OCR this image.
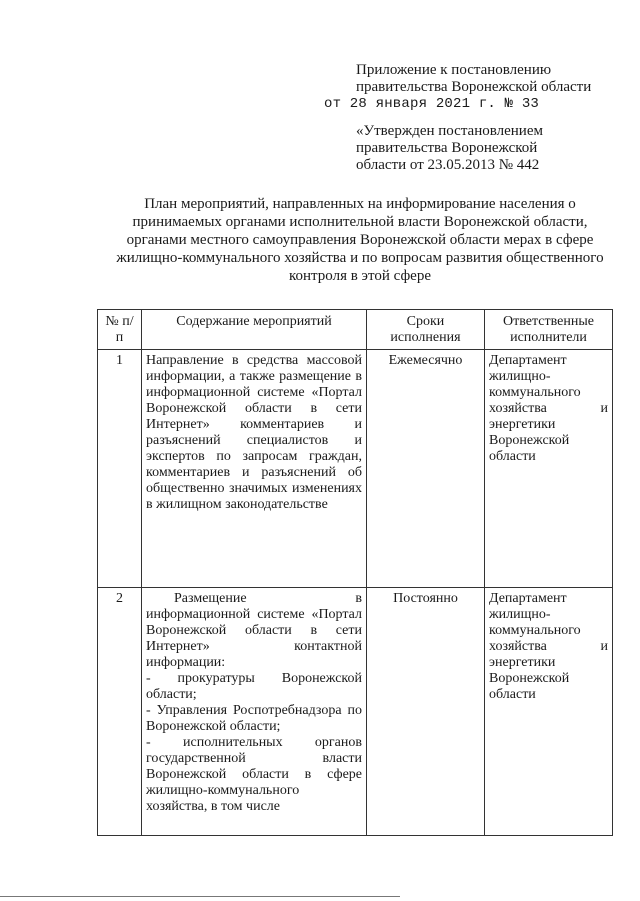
Приложение к постановлению
правительства Воронежской области
от 28 января 2021 г. № 33
«Утвержден постановлением
правительства Воронежской
области от 23.05.2013 № 442
План мероприятий, направленных на информирование населения о
принимаемых органами исполнительной власти Воронежской области,
органами местного самоуправления Воронежской области мерах в сфере
жилищно-коммунального хозяйства и по вопросам развития общественного
контроля в этой сфере
№ п/п	Содержание мероприятий	Сроки исполнения	Ответственные исполнители
1	Направление в средства массовой информации, а также размещение в информационной системе «Портал Воронежской области в сети Интернет» комментариев и разъяснений специалистов и экспертов по запросам граждан, комментариев и разъяснений об общественно значимых изменениях в жилищном законодательстве	Ежемесячно	Департамент жилищно-коммунального хозяйства и энергетики Воронежской области
2	Размещение в информационной системе «Портал Воронежской области в сети Интернет» контактной информации:
- прокуратуры Воронежской области;
- Управления Роспотребнадзора по Воронежской области;
- исполнительных органов государственной власти Воронежской области в сфере жилищно-коммунального хозяйства, в том числе	Постоянно	Департамент жилищно-коммунального хозяйства и энергетики Воронежской области
